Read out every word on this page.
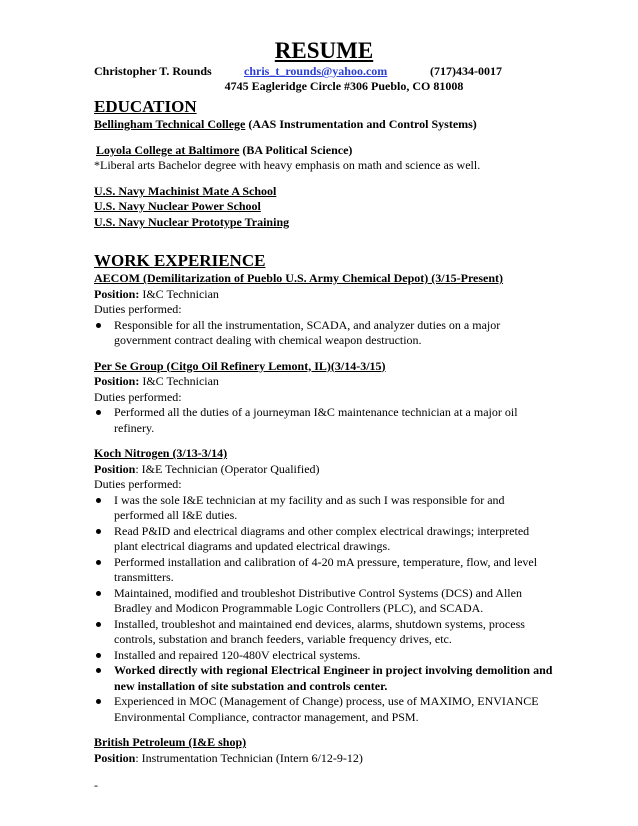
RESUME
Christopher T. Rounds	chris_t_rounds@yahoo.com	(717)434-0017
4745 Eagleridge Circle #306 Pueblo, CO 81008
EDUCATION
Bellingham Technical College (AAS Instrumentation and Control Systems)
Loyola College at Baltimore (BA Political Science)
*Liberal arts Bachelor degree with heavy emphasis on math and science as well.
U.S. Navy Machinist Mate A School
U.S. Navy Nuclear Power School
U.S. Navy Nuclear Prototype Training
WORK EXPERIENCE
AECOM (Demilitarization of Pueblo U.S. Army Chemical Depot) (3/15-Present)
Position: I&C Technician
Duties performed:
Responsible for all the instrumentation, SCADA, and analyzer duties on a major government contract dealing with chemical weapon destruction.
Per Se Group (Citgo Oil Refinery Lemont, IL)(3/14-3/15)
Position: I&C Technician
Duties performed:
Performed all the duties of a journeyman I&C maintenance technician at a major oil refinery.
Koch Nitrogen (3/13-3/14)
Position: I&E Technician (Operator Qualified)
Duties performed:
I was the sole I&E technician at my facility and as such I was responsible for and performed all I&E duties.
Read P&ID and electrical diagrams and other complex electrical drawings; interpreted plant electrical diagrams and updated electrical drawings.
Performed installation and calibration of 4-20 mA pressure, temperature, flow, and level transmitters.
Maintained, modified and troubleshot Distributive Control Systems (DCS) and Allen Bradley and Modicon Programmable Logic Controllers (PLC), and SCADA.
Installed, troubleshot and maintained end devices, alarms, shutdown systems, process controls, substation and branch feeders, variable frequency drives, etc.
Installed and repaired 120-480V electrical systems.
Worked directly with regional Electrical Engineer in project involving demolition and new installation of site substation and controls center.
Experienced in MOC (Management of Change) process, use of MAXIMO, ENVIANCE Environmental Compliance, contractor management, and PSM.
British Petroleum (I&E shop)
Position: Instrumentation Technician (Intern 6/12-9-12)
-
